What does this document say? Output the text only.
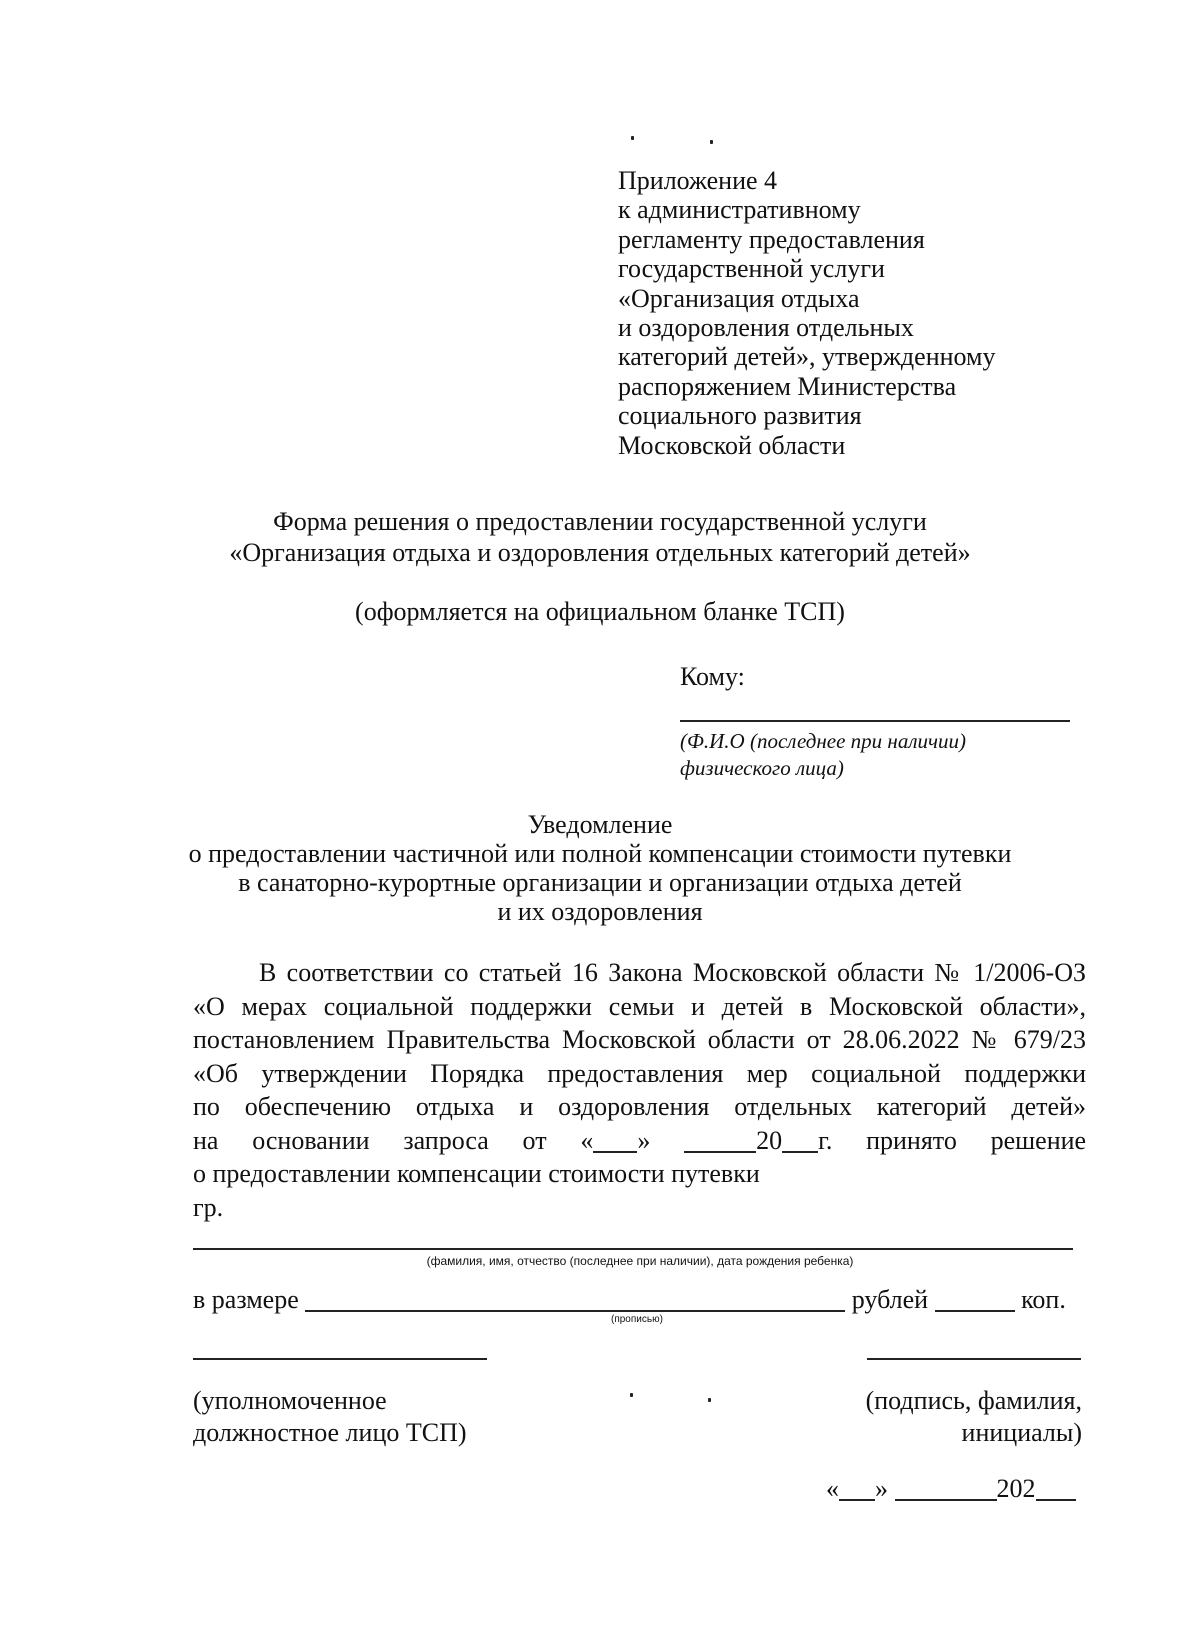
Приложение 4
к административному
регламенту предоставления
государственной услуги
«Организация отдыха
и оздоровления отдельных
категорий детей», утвержденному
распоряжением Министерства
социального развития
Московской области
Форма решения о предоставлении государственной услуги
«Организация отдыха и оздоровления отдельных категорий детей»
(оформляется на официальном бланке ТСП)
Кому:
(Ф.И.О (последнее при наличии)
физического лица)
Уведомление
о предоставлении частичной или полной компенсации стоимости путевки
в санаторно-курортные организации и организации отдыха детей
и их оздоровления
В соответствии со статьей 16 Закона Московской области № 1/2006-ОЗ
«О мерах социальной поддержки семьи и детей в Московской области»,
постановлением Правительства Московской области от 28.06.2022 № 679/23
«Об утверждении Порядка предоставления мер социальной поддержки
по обеспечению отдыха и оздоровления отдельных категорий детей»
на основании запроса от « »	20 г. принято решение
о предоставлении компенсации стоимости путевки
гр.
(фамилия, имя, отчество (последнее при наличии), дата рождения ребенка)
в размере	рублей	коп.
(прописью)
(уполномоченное
должностное лицо ТСП)
(подпись, фамилия,
инициалы)
« »	202
